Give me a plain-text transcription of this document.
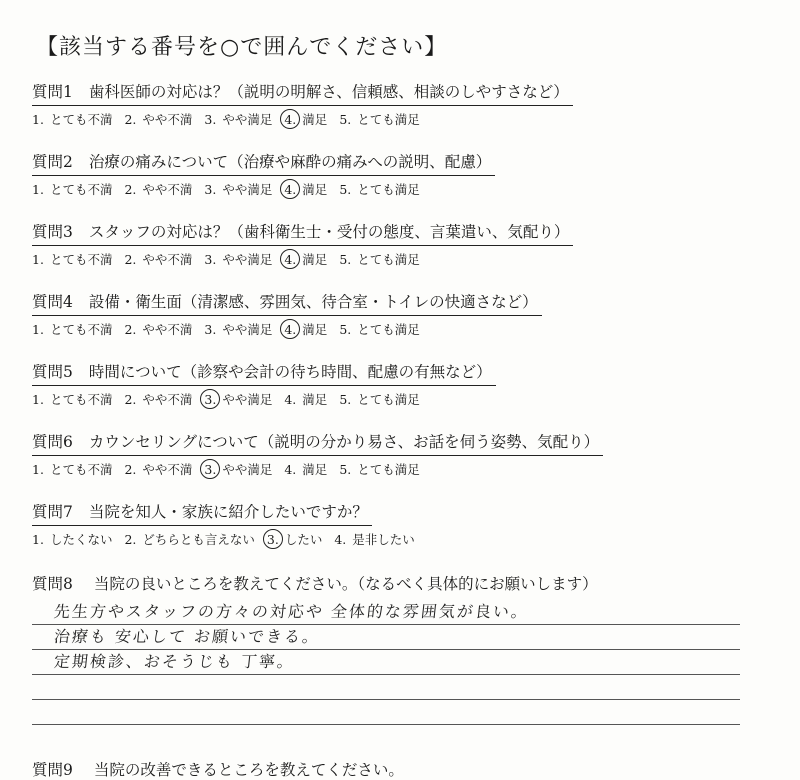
【該当する番号を○で囲んでください】
質問1 歯科医師の対応は？（説明の明解さ、信頼感、相談のしやすさなど）
1. とても不満 2. やや不満 3. やや満足 4. 満足 5. とても満足
質問2 治療の痛みについて（治療や麻酔の痛みへの説明、配慮）
1. とても不満 2. やや不満 3. やや満足 4. 満足 5. とても満足
質問3 スタッフの対応は？（歯科衛生士・受付の態度、言葉遣い、気配り）
1. とても不満 2. やや不満 3. やや満足 4. 満足 5. とても満足
質問4 設備・衛生面（清潔感、雰囲気、待合室・トイレの快適さなど）
1. とても不満 2. やや不満 3. やや満足 4. 満足 5. とても満足
質問5 時間について（診察や会計の待ち時間、配慮の有無など）
1. とても不満 2. やや不満 3. やや満足 4. 満足 5. とても満足
質問6 カウンセリングについて（説明の分かり易さ、お話を伺う姿勢、気配り）
1. とても不満 2. やや不満 3. やや満足 4. 満足 5. とても満足
質問7 当院を知人・家族に紹介したいですか？
1. したくない 2. どちらとも言えない 3. したい 4. 是非したい
質問8 当院の良いところを教えてください。（なるべく具体的にお願いします）
先生方やスタッフの方々の対応や 全体的な雰囲気が良い。
治療も 安心して お願いできる。
定期検診、おそうじも 丁寧。
質問9 当院の改善できるところを教えてください。
